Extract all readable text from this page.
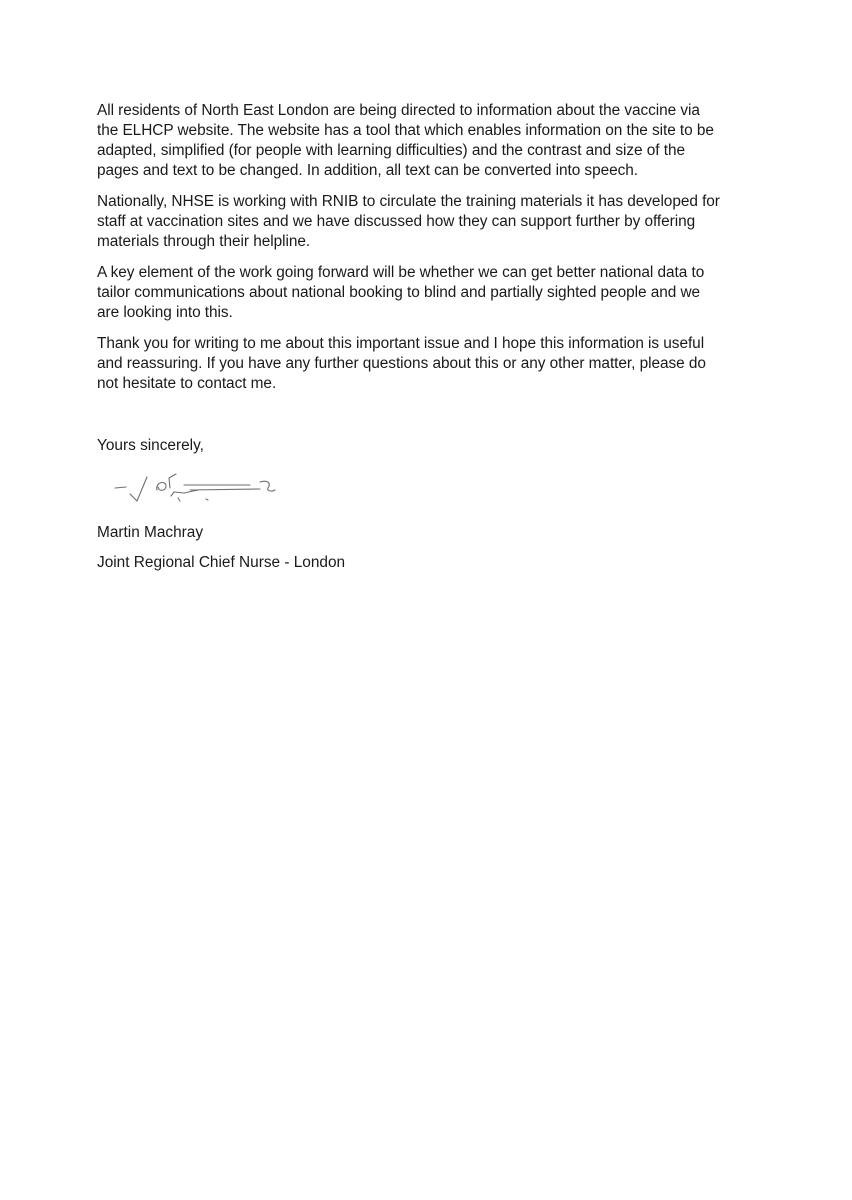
All residents of North East London are being directed to information about the vaccine via
the ELHCP website. The website has a tool that which enables information on the site to be
adapted, simplified (for people with learning difficulties) and the contrast and size of the
pages and text to be changed. In addition, all text can be converted into speech.

Nationally, NHSE is working with RNIB to circulate the training materials it has developed for
staff at vaccination sites and we have discussed how they can support further by offering
materials through their helpline.

A key element of the work going forward will be whether we can get better national data to
tailor communications about national booking to blind and partially sighted people and we
are looking into this.

Thank you for writing to me about this important issue and I hope this information is useful
and reassuring. If you have any further questions about this or any other matter, please do
not hesitate to contact me.

Yours sincerely,

Martin Machray

Joint Regional Chief Nurse - London
